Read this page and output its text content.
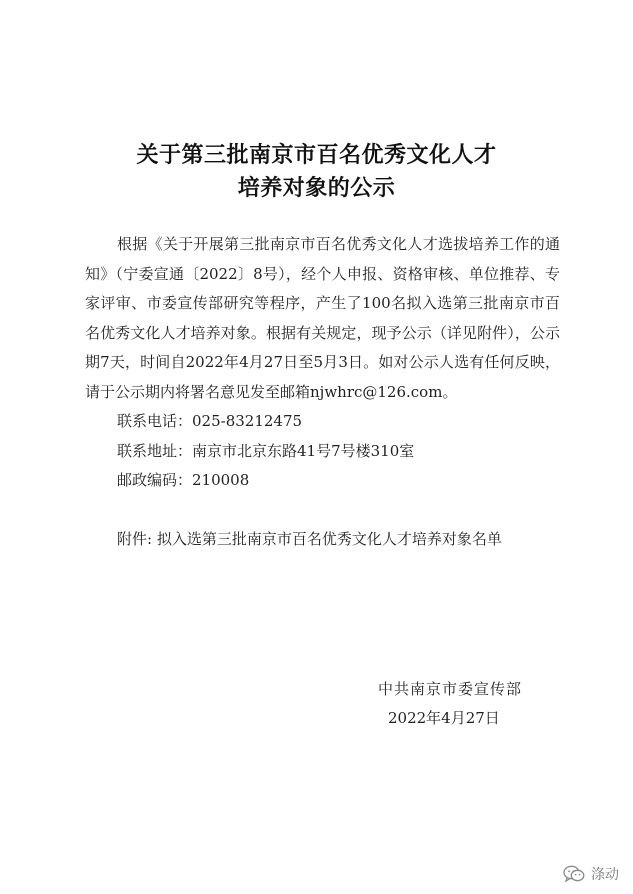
关于第三批南京市百名优秀文化人才
培养对象的公示

根据《关于开展第三批南京市百名优秀文化人才选拔培养工作的通知》（宁委宣通〔2022〕8号），经个人申报、资格审核、单位推荐、专家评审、市委宣传部研究等程序，产生了100名拟入选第三批南京市百名优秀文化人才培养对象。根据有关规定，现予公示（详见附件），公示期7天，时间自2022年4月27日至5月3日。如对公示人选有任何反映，请于公示期内将署名意见发至邮箱njwhrc@126.com。

联系电话：025-83212475

联系地址：南京市北京东路41号7号楼310室

邮政编码：210008

附件: 拟入选第三批南京市百名优秀文化人才培养对象名单

中共南京市委宣传部
2022年4月27日
涤动
